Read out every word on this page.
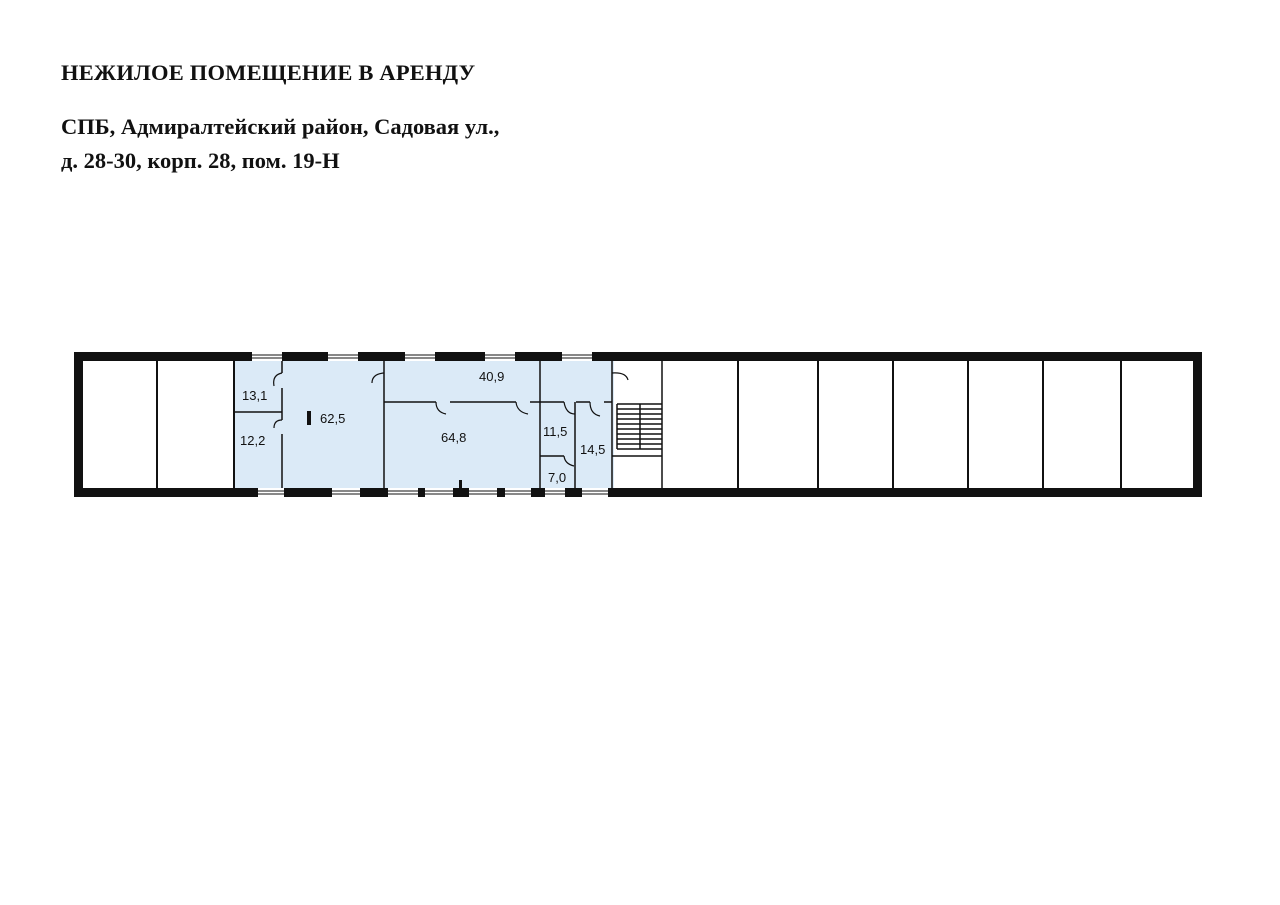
НЕЖИЛОЕ ПОМЕЩЕНИЕ В АРЕНДУ
СПБ, Адмиралтейский район, Садовая ул.,
д. 28-30, корп. 28, пом. 19-Н
13,1
12,2
62,5
40,9
64,8	11,5
14,5
7,0
